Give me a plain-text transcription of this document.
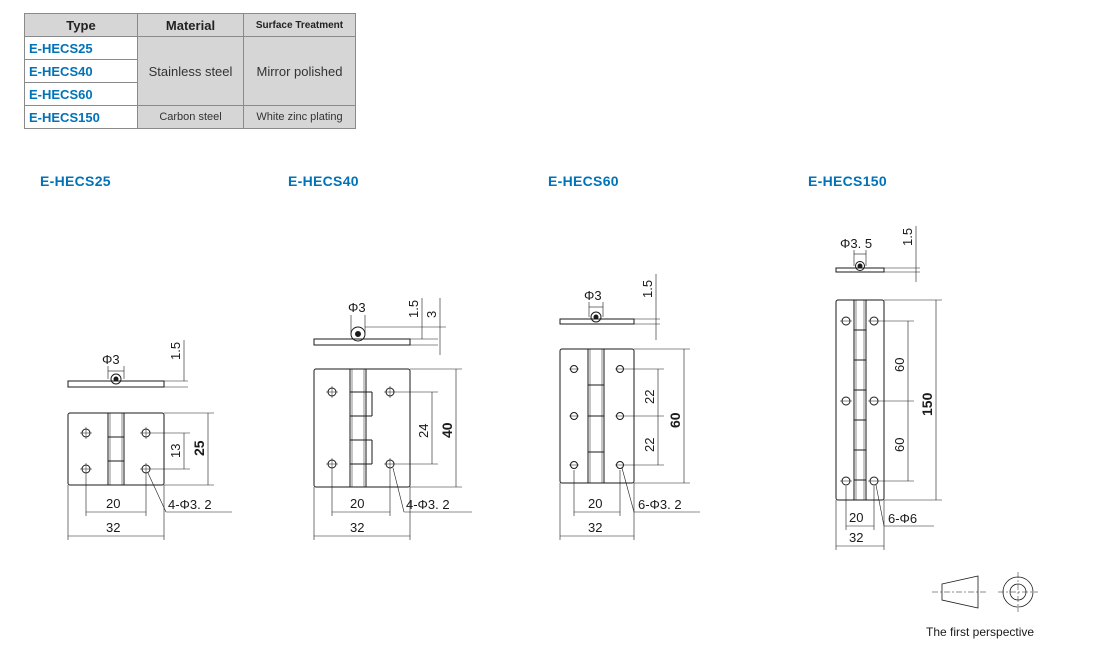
Type	Material	Surface Treatment
E-HECS25	Stainless steel	Mirror polished
E-HECS40		
E-HECS60		
E-HECS150	Carbon steel	White zinc plating
E-HECS25	E-HECS40	E-HECS60	E-HECS150
Φ3	1.5
25
13
20
32
4-Φ3. 2
Φ3	1.5 3
40
24
20
32
4-Φ3. 2
Φ3	1.5
60
22
22
20
32
6-Φ3. 2
Φ3. 5 1.5
150
60
60
20
32
6-Φ6
The first perspective
